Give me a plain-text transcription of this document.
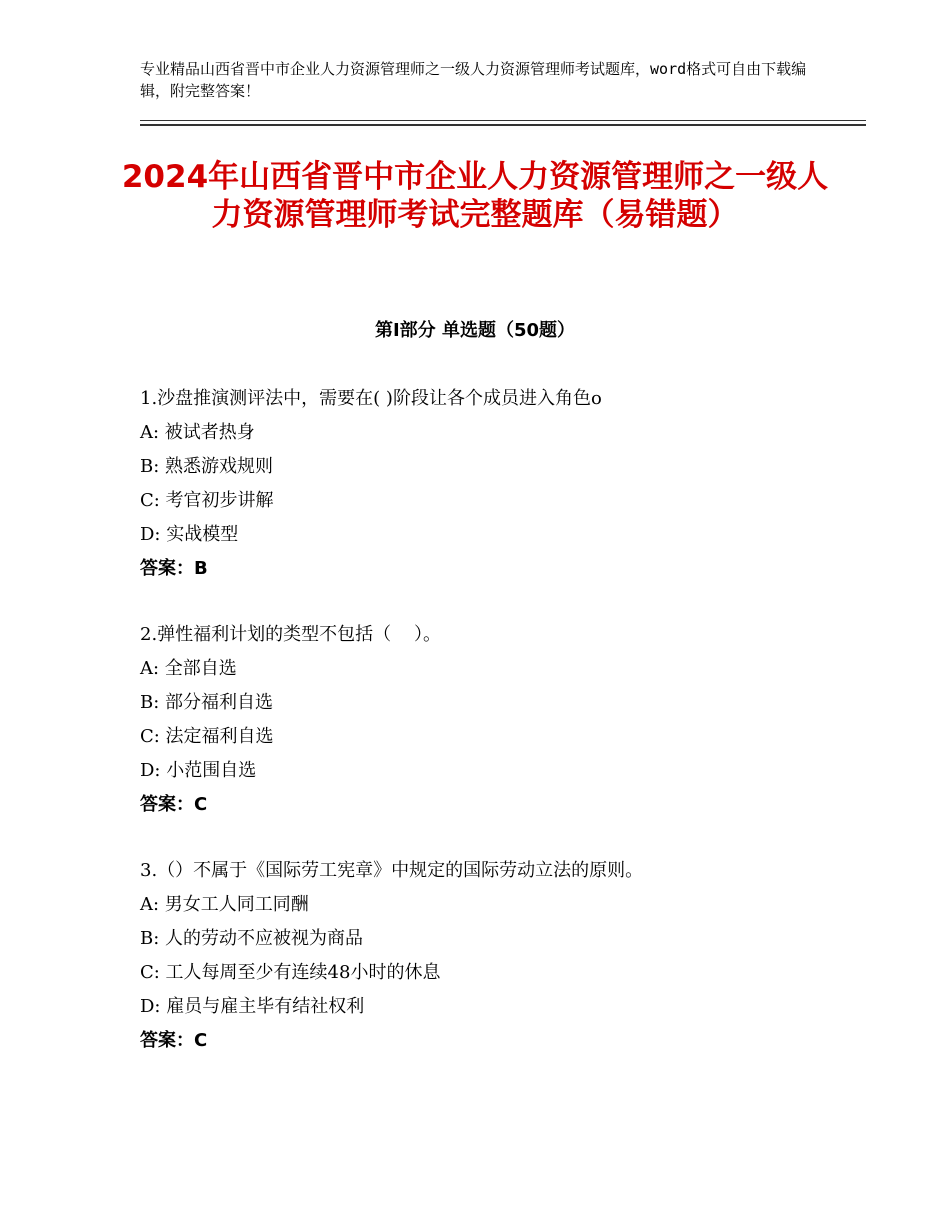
专业精品山西省晋中市企业人力资源管理师之一级人力资源管理师考试题库，word格式可自由下载编辑，附完整答案！
2024年山西省晋中市企业人力资源管理师之一级人力资源管理师考试完整题库（易错题）
第Ⅰ部分 单选题（50题）
1.沙盘推演测评法中，需要在( )阶段让各个成员进入角色o
A: 被试者热身
B: 熟悉游戏规则
C: 考官初步讲解
D: 实战模型
答案：B
2.弹性福利计划的类型不包括（    ）。
A: 全部自选
B: 部分福利自选
C: 法定福利自选
D: 小范围自选
答案：C
3.（）不属于《国际劳工宪章》中规定的国际劳动立法的原则。
A: 男女工人同工同酬
B: 人的劳动不应被视为商品
C: 工人每周至少有连续48小时的休息
D: 雇员与雇主毕有结社权利
答案：C
